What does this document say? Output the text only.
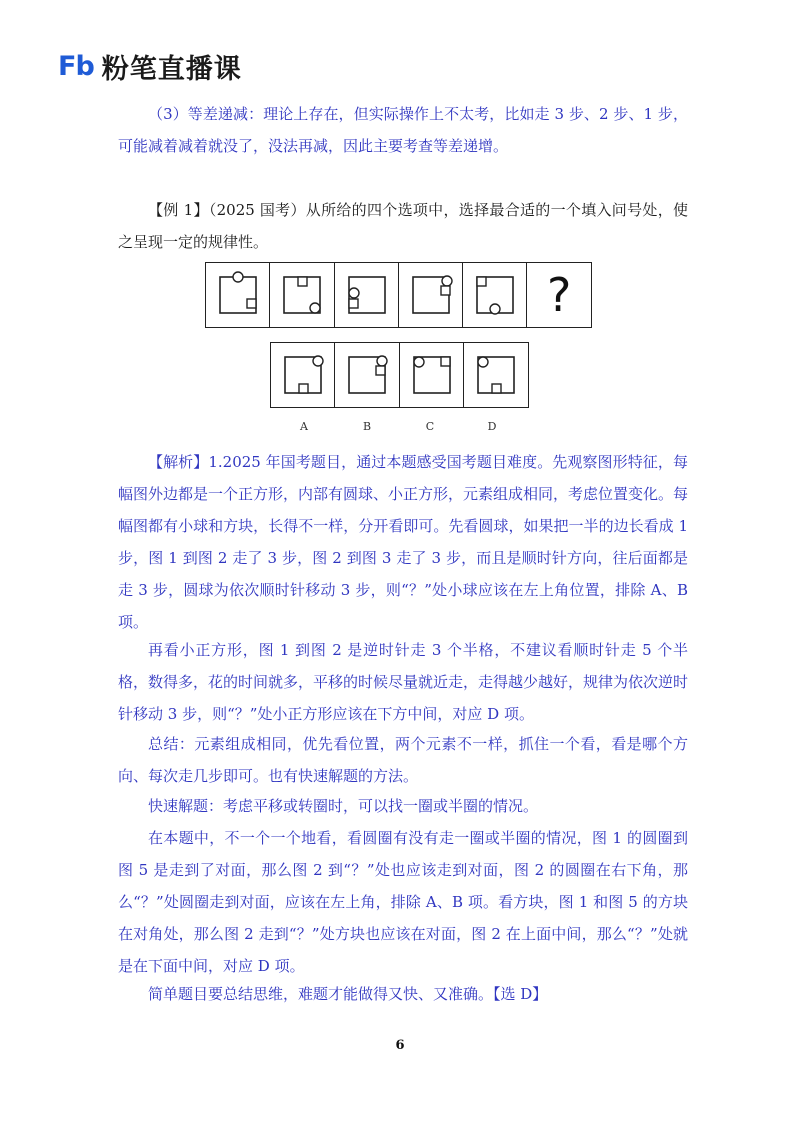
Fb 粉笔直播课
（3）等差递减：理论上存在，但实际操作上不太考，比如走 3 步、2 步、1 步，可能减着减着就没了，没法再减，因此主要考查等差递增。
【例 1】（2025 国考）从所给的四个选项中，选择最合适的一个填入问号处，使之呈现一定的规律性。
?
A	B	C	D
【解析】1.2025 年国考题目，通过本题感受国考题目难度。先观察图形特征，每幅图外边都是一个正方形，内部有圆球、小正方形，元素组成相同，考虑位置变化。每幅图都有小球和方块，长得不一样，分开看即可。先看圆球，如果把一半的边长看成 1 步，图 1 到图 2 走了 3 步，图 2 到图 3 走了 3 步，而且是顺时针方向，往后面都是走 3 步，圆球为依次顺时针移动 3 步，则“？”处小球应该在左上角位置，排除 A、B 项。
再看小正方形，图 1 到图 2 是逆时针走 3 个半格，不建议看顺时针走 5 个半格，数得多，花的时间就多，平移的时候尽量就近走，走得越少越好，规律为依次逆时针移动 3 步，则“？”处小正方形应该在下方中间，对应 D 项。
总结：元素组成相同，优先看位置，两个元素不一样，抓住一个看，看是哪个方向、每次走几步即可。也有快速解题的方法。
快速解题：考虑平移或转圈时，可以找一圈或半圈的情况。
在本题中，不一个一个地看，看圆圈有没有走一圈或半圈的情况，图 1 的圆圈到图 5 是走到了对面，那么图 2 到“？”处也应该走到对面，图 2 的圆圈在右下角，那么“？”处圆圈走到对面，应该在左上角，排除 A、B 项。看方块，图 1 和图 5 的方块在对角处，那么图 2 走到“？”处方块也应该在对面，图 2 在上面中间，那么“？”处就是在下面中间，对应 D 项。
简单题目要总结思维，难题才能做得又快、又准确。【选 D】
6
